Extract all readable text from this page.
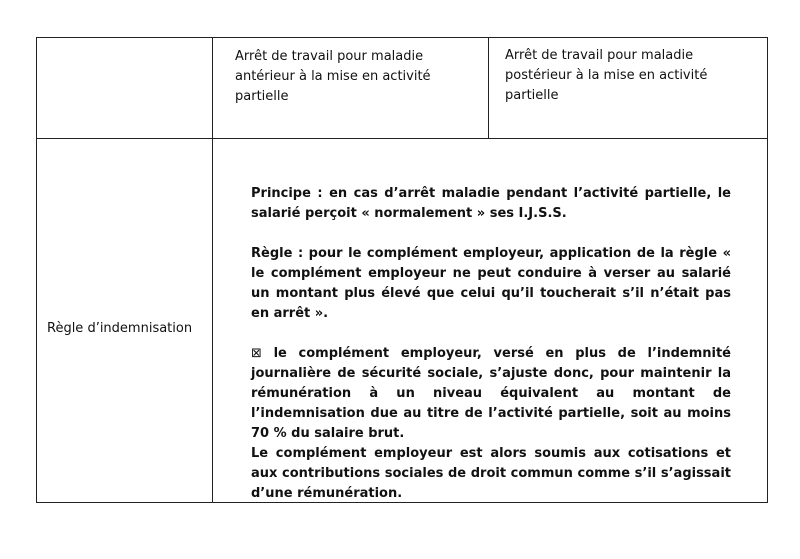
Arrêt de travail pour maladie antérieur à la mise en activité partielle
Arrêt de travail pour maladie postérieur à la mise en activité partielle
Règle d’indemnisation

Principe : en cas d’arrêt maladie pendant l’activité partielle, le salarié perçoit « normalement » ses I.J.S.S.

Règle : pour le complément employeur, application de la règle « le complément employeur ne peut conduire à verser au salarié un montant plus élevé que celui qu’il toucherait s’il n’était pas en arrêt ».

⊠ le complément employeur, versé en plus de l’indemnité journalière de sécurité sociale, s’ajuste donc, pour maintenir la rémunération à un niveau équivalent au montant de l’indemnisation due au titre de l’activité partielle, soit au moins 70 % du salaire brut.

Le complément employeur est alors soumis aux cotisations et aux contributions sociales de droit commun comme s’il s’agissait d’une rémunération.
